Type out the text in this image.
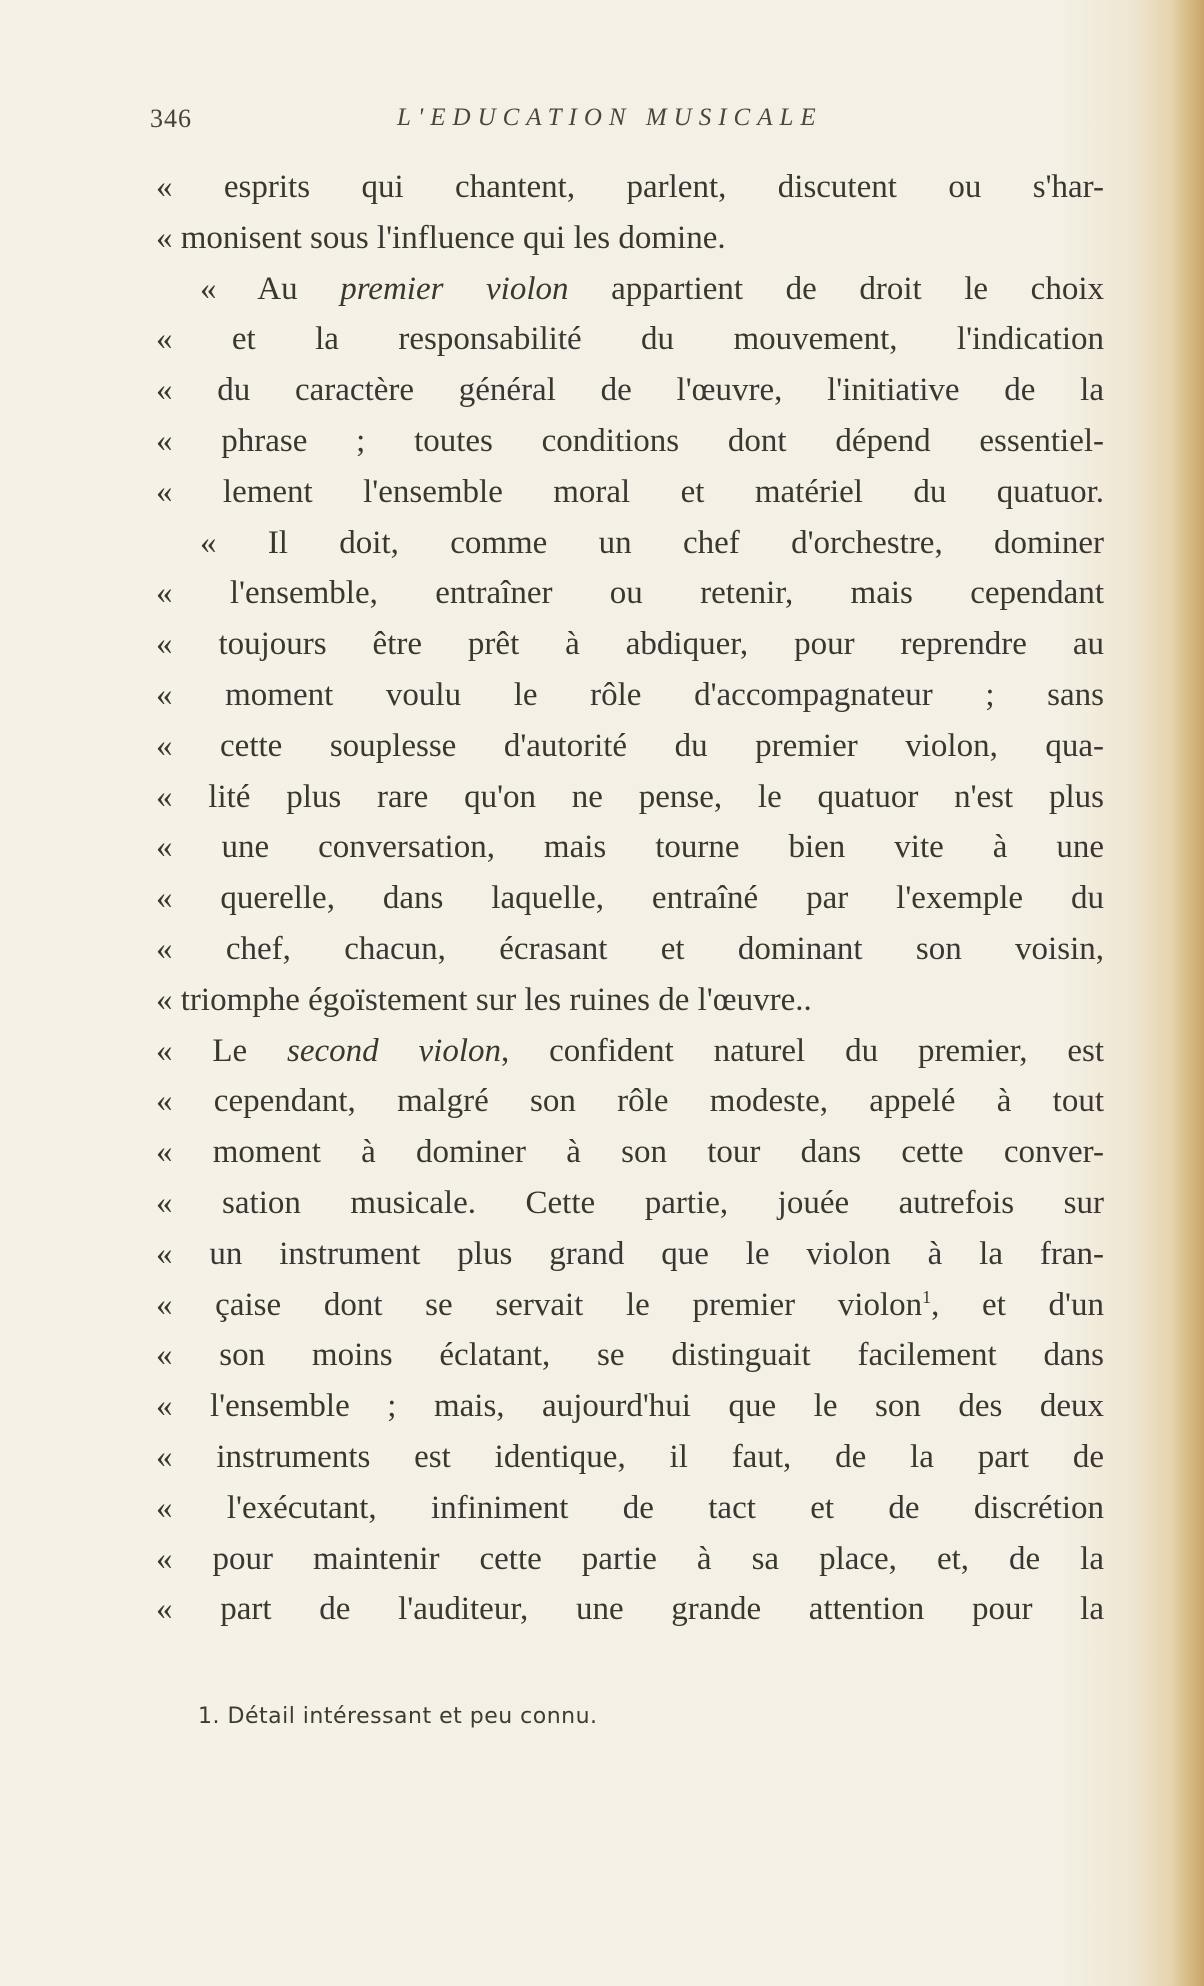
346	L'EDUCATION MUSICALE
« esprits qui chantent, parlent, discutent ou s'har-
« monisent sous l'influence qui les domine.
« Au premier violon appartient de droit le choix
« et la responsabilité du mouvement, l'indication
« du caractère général de l'œuvre, l'initiative de la
« phrase ; toutes conditions dont dépend essentiel-
« lement l'ensemble moral et matériel du quatuor.
« Il doit, comme un chef d'orchestre, dominer
« l'ensemble, entraîner ou retenir, mais cependant
« toujours être prêt à abdiquer, pour reprendre au
« moment voulu le rôle d'accompagnateur ; sans
« cette souplesse d'autorité du premier violon, qua-
« lité plus rare qu'on ne pense, le quatuor n'est plus
« une conversation, mais tourne bien vite à une
« querelle, dans laquelle, entraîné par l'exemple du
« chef, chacun, écrasant et dominant son voisin,
« triomphe égoïstement sur les ruines de l'œuvre..
« Le second violon, confident naturel du premier, est
« cependant, malgré son rôle modeste, appelé à tout
« moment à dominer à son tour dans cette conver-
« sation musicale. Cette partie, jouée autrefois sur
« un instrument plus grand que le violon à la fran-
« çaise dont se servait le premier violon$^1$, et d'un
« son moins éclatant, se distinguait facilement dans
« l'ensemble ; mais, aujourd'hui que le son des deux
« instruments est identique, il faut, de la part de
« l'exécutant, infiniment de tact et de discrétion
« pour maintenir cette partie à sa place, et, de la
« part de l'auditeur, une grande attention pour la
1. Détail intéressant et peu connu.
